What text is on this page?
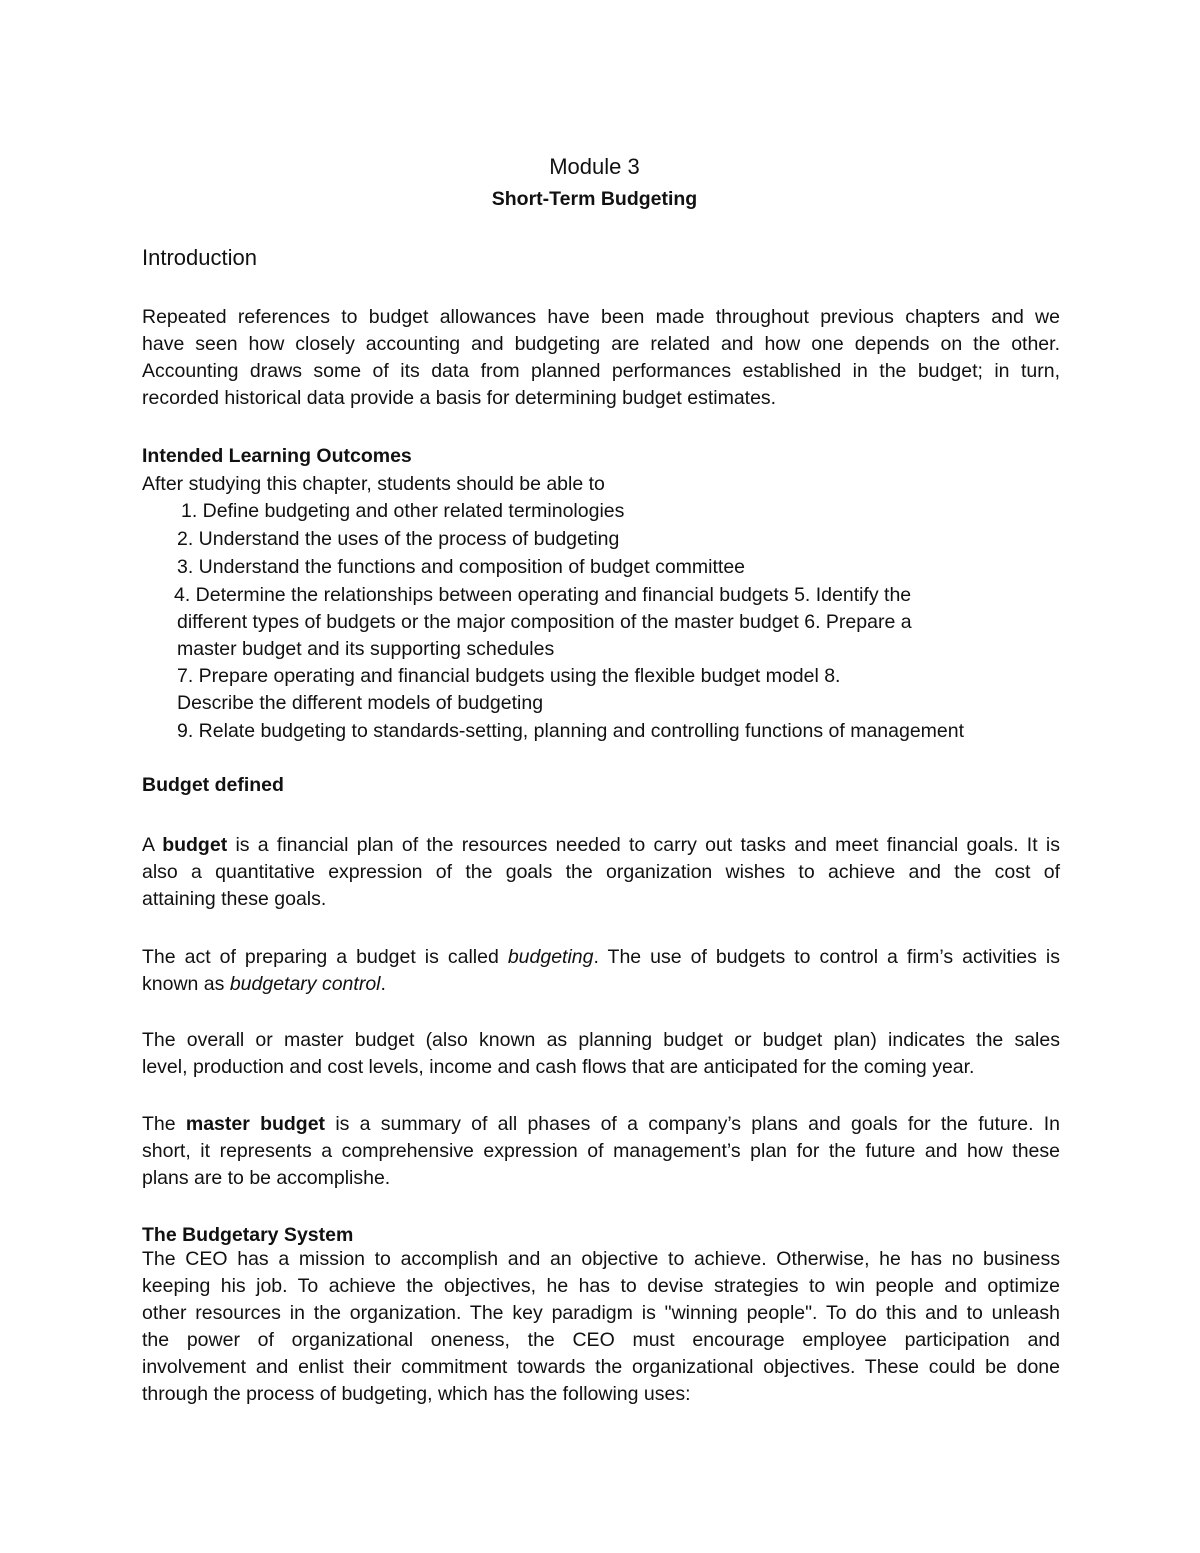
Module 3
Short-Term Budgeting
Introduction
Repeated references to budget allowances have been made throughout previous chapters and we
have seen how closely accounting and budgeting are related and how one depends on the other.
Accounting draws some of its data from planned performances established in the budget; in turn,
recorded historical data provide a basis for determining budget estimates.
Intended Learning Outcomes
After studying this chapter, students should be able to
1. Define budgeting and other related terminologies
2. Understand the uses of the process of budgeting
3. Understand the functions and composition of budget committee
4. Determine the relationships between operating and financial budgets 5. Identify the
different types of budgets or the major composition of the master budget 6. Prepare a
master budget and its supporting schedules
7. Prepare operating and financial budgets using the flexible budget model 8.
Describe the different models of budgeting
9. Relate budgeting to standards-setting, planning and controlling functions of management
Budget defined
A budget is a financial plan of the resources needed to carry out tasks and meet financial goals. It is
also a quantitative expression of the goals the organization wishes to achieve and the cost of
attaining these goals.
The act of preparing a budget is called budgeting. The use of budgets to control a firm’s activities is
known as budgetary control.
The overall or master budget (also known as planning budget or budget plan) indicates the sales
level, production and cost levels, income and cash flows that are anticipated for the coming year.
The master budget is a summary of all phases of a company’s plans and goals for the future. In
short, it represents a comprehensive expression of management’s plan for the future and how these
plans are to be accomplishe.
The Budgetary System
The CEO has a mission to accomplish and an objective to achieve. Otherwise, he has no business
keeping his job. To achieve the objectives, he has to devise strategies to win people and optimize
other resources in the organization. The key paradigm is "winning people". To do this and to unleash
the power of organizational oneness, the CEO must encourage employee participation and
involvement and enlist their commitment towards the organizational objectives. These could be done
through the process of budgeting, which has the following uses:
